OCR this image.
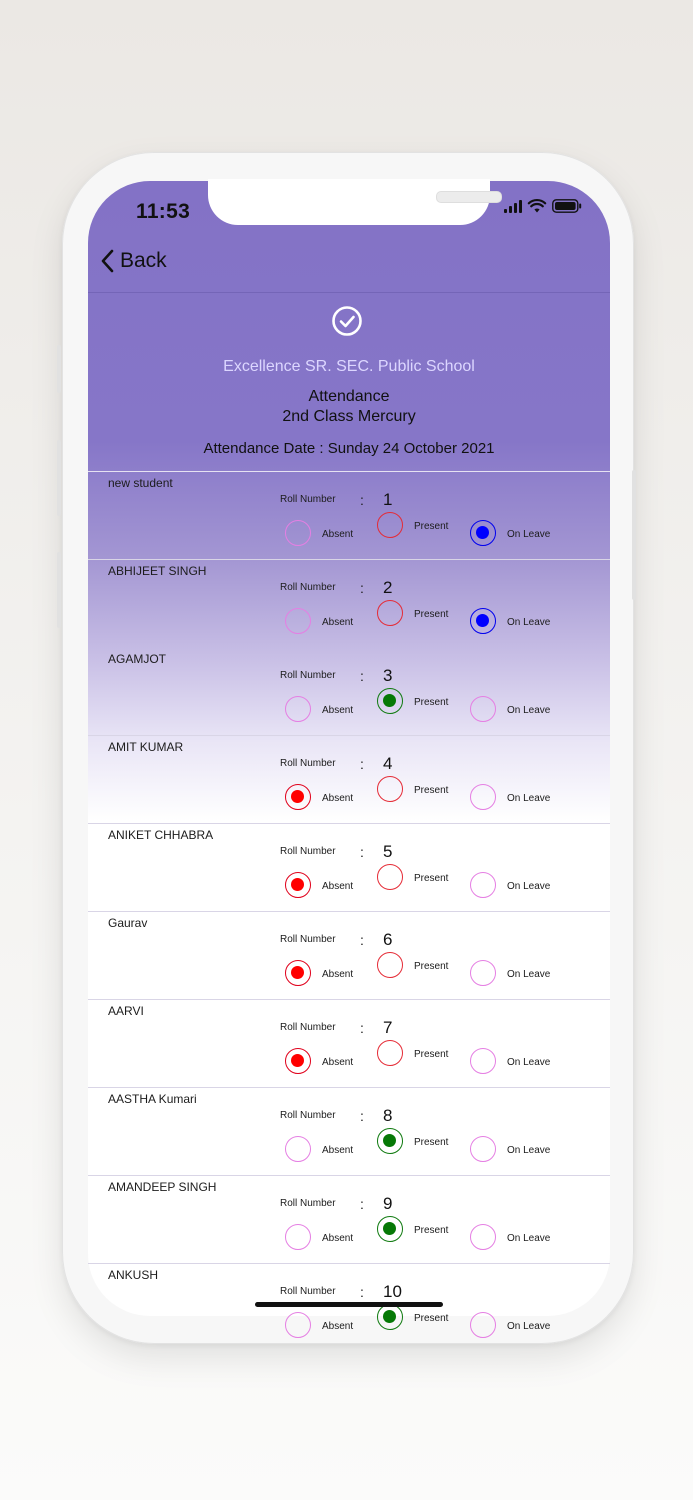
11:53
Back
Excellence SR. SEC. Public School
Attendance
2nd Class Mercury
Attendance Date : Sunday 24 October 2021
new student
Roll Number : 1
Absent
Present
On Leave
ABHIJEET SINGH
Roll Number : 2
Absent
Present
On Leave
AGAMJOT
Roll Number : 3
Absent
Present
On Leave
AMIT KUMAR
Roll Number : 4
Absent
Present
On Leave
ANIKET CHHABRA
Roll Number : 5
Absent
Present
On Leave
Gaurav
Roll Number : 6
Absent
Present
On Leave
AARVI
Roll Number : 7
Absent
Present
On Leave
AASTHA Kumari
Roll Number : 8
Absent
Present
On Leave
AMANDEEP SINGH
Roll Number : 9
Absent
Present
On Leave
ANKUSH
Roll Number : 10
Absent
Present
On Leave
